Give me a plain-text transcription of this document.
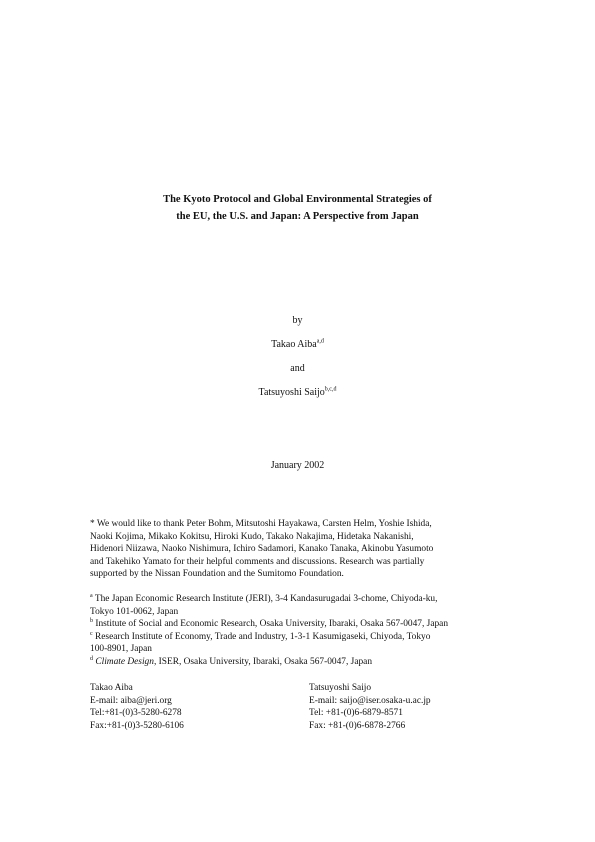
The Kyoto Protocol and Global Environmental Strategies of
the EU, the U.S. and Japan: A Perspective from Japan
by
Takao Aiba$^{a,d}$
and
Tatsuyoshi Saijo$^{b,c,d}$
January 2002
* We would like to thank Peter Bohm, Mitsutoshi Hayakawa, Carsten Helm, Yoshie Ishida,
Naoki Kojima, Mikako Kokitsu, Hiroki Kudo, Takako Nakajima, Hidetaka Nakanishi,
Hidenori Niizawa, Naoko Nishimura, Ichiro Sadamori, Kanako Tanaka, Akinobu Yasumoto
and Takehiko Yamato for their helpful comments and discussions. Research was partially
supported by the Nissan Foundation and the Sumitomo Foundation.
$^a$ The Japan Economic Research Institute (JERI), 3-4 Kandasurugadai 3-chome, Chiyoda-ku,
Tokyo 101-0062, Japan
$^b$ Institute of Social and Economic Research, Osaka University, Ibaraki, Osaka 567-0047, Japan
$^c$ Research Institute of Economy, Trade and Industry, 1-3-1 Kasumigaseki, Chiyoda, Tokyo
100-8901, Japan
$^d$ Climate Design, ISER, Osaka University, Ibaraki, Osaka 567-0047, Japan
Takao Aiba
E-mail: aiba@jeri.org
Tel:+81-(0)3-5280-6278
Fax:+81-(0)3-5280-6106
Tatsuyoshi Saijo
E-mail: saijo@iser.osaka-u.ac.jp
Tel: +81-(0)6-6879-8571
Fax: +81-(0)6-6878-2766
